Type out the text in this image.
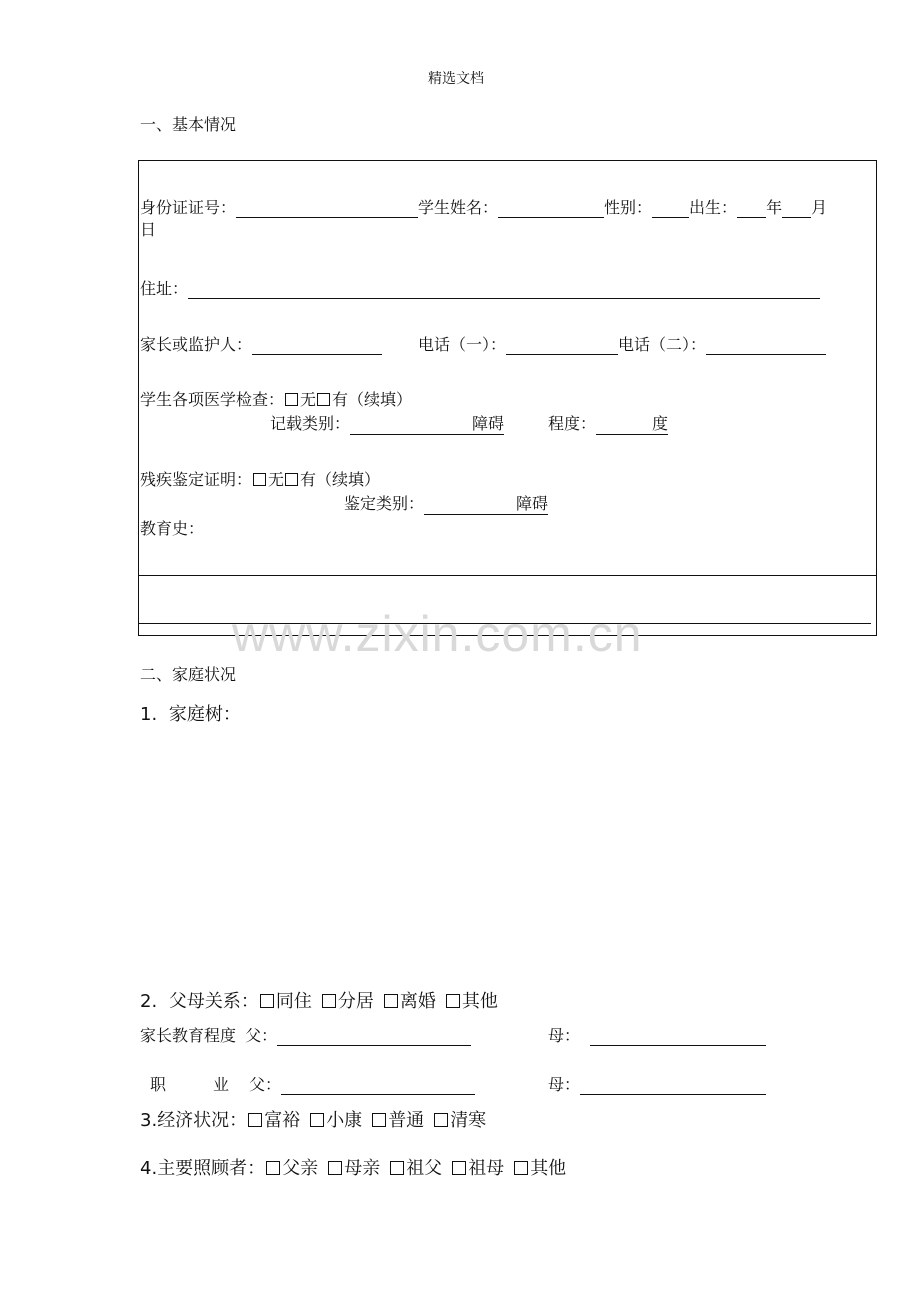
精选文档
一、基本情况
身份证证号：	学生姓名：	性别： 出生： 年 月
日
住址：
家长或监护人：	电话（一）：	电话（二）：
学生各项医学检查： 无 有（续填）
记载类别：	障碍	程度：	度
残疾鉴定证明： 无 有（续填）
鉴定类别：	障碍
教育史：
www.zixin.com.cn
二、家庭状况
1. 家庭树：
2. 父母关系： 同住 分居 离婚 其他
家长教育程度 父：	母：
职	业 父：	母：
3.经济状况： 富裕 小康 普通 清寒
4.主要照顾者： 父亲 母亲 祖父 祖母 其他
